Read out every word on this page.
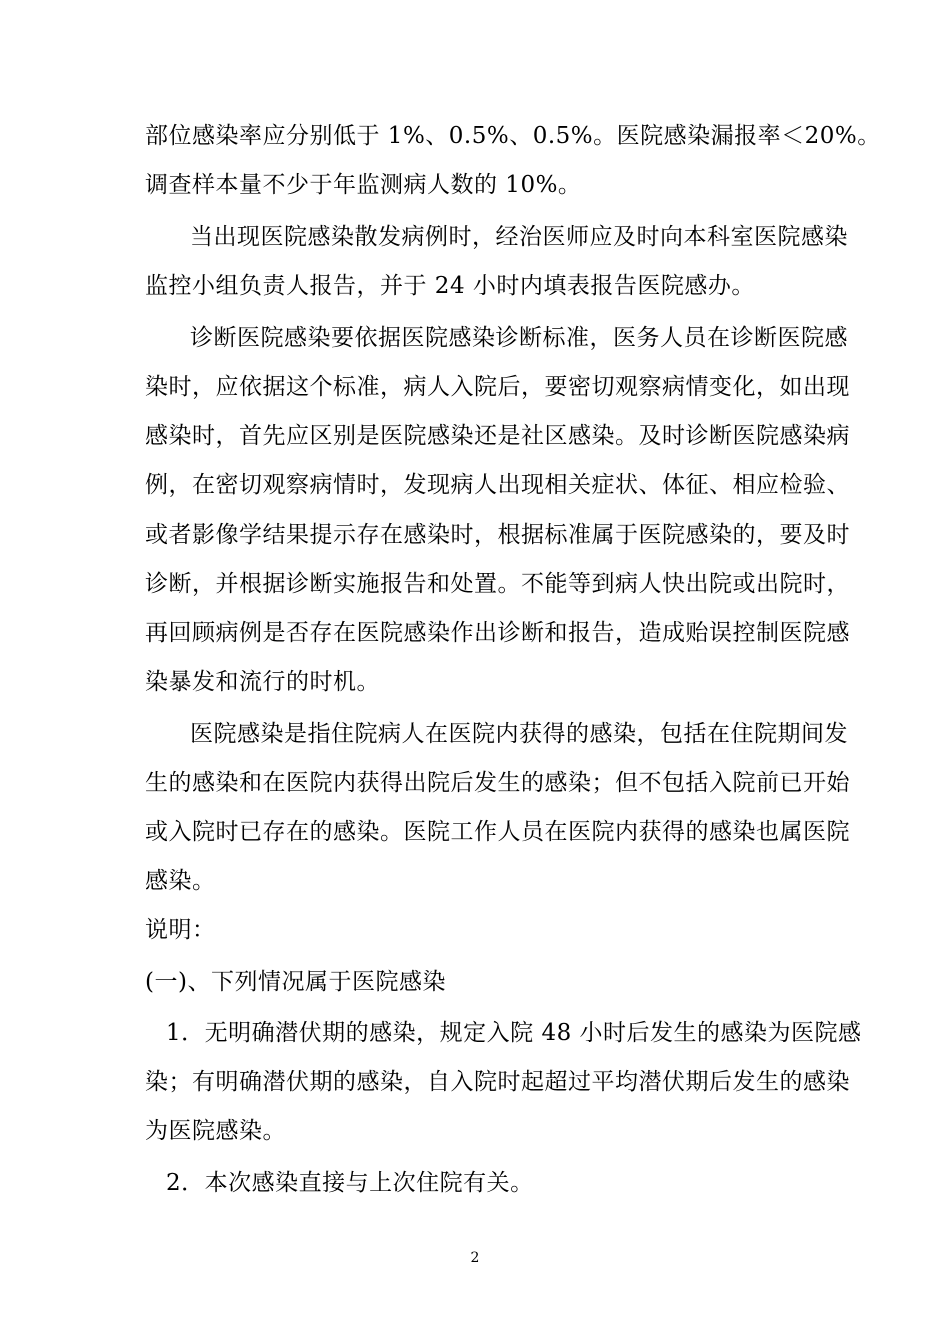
部位感染率应分别低于 1%、0.5%、0.5%。医院感染漏报率＜20%。
调查样本量不少于年监测病人数的 10%。
当出现医院感染散发病例时，经治医师应及时向本科室医院感染
监控小组负责人报告，并于 24 小时内填表报告医院感办。
诊断医院感染要依据医院感染诊断标准，医务人员在诊断医院感
染时，应依据这个标准，病人入院后，要密切观察病情变化，如出现
感染时，首先应区别是医院感染还是社区感染。及时诊断医院感染病
例，在密切观察病情时，发现病人出现相关症状、体征、相应检验、
或者影像学结果提示存在感染时，根据标准属于医院感染的，要及时
诊断，并根据诊断实施报告和处置。不能等到病人快出院或出院时，
再回顾病例是否存在医院感染作出诊断和报告，造成贻误控制医院感
染暴发和流行的时机。
医院感染是指住院病人在医院内获得的感染，包括在住院期间发
生的感染和在医院内获得出院后发生的感染；但不包括入院前已开始
或入院时已存在的感染。医院工作人员在医院内获得的感染也属医院
感染。
说明：
(一)、下列情况属于医院感染
1．无明确潜伏期的感染，规定入院 48 小时后发生的感染为医院感
染；有明确潜伏期的感染，自入院时起超过平均潜伏期后发生的感染
为医院感染。
2．本次感染直接与上次住院有关。
2
